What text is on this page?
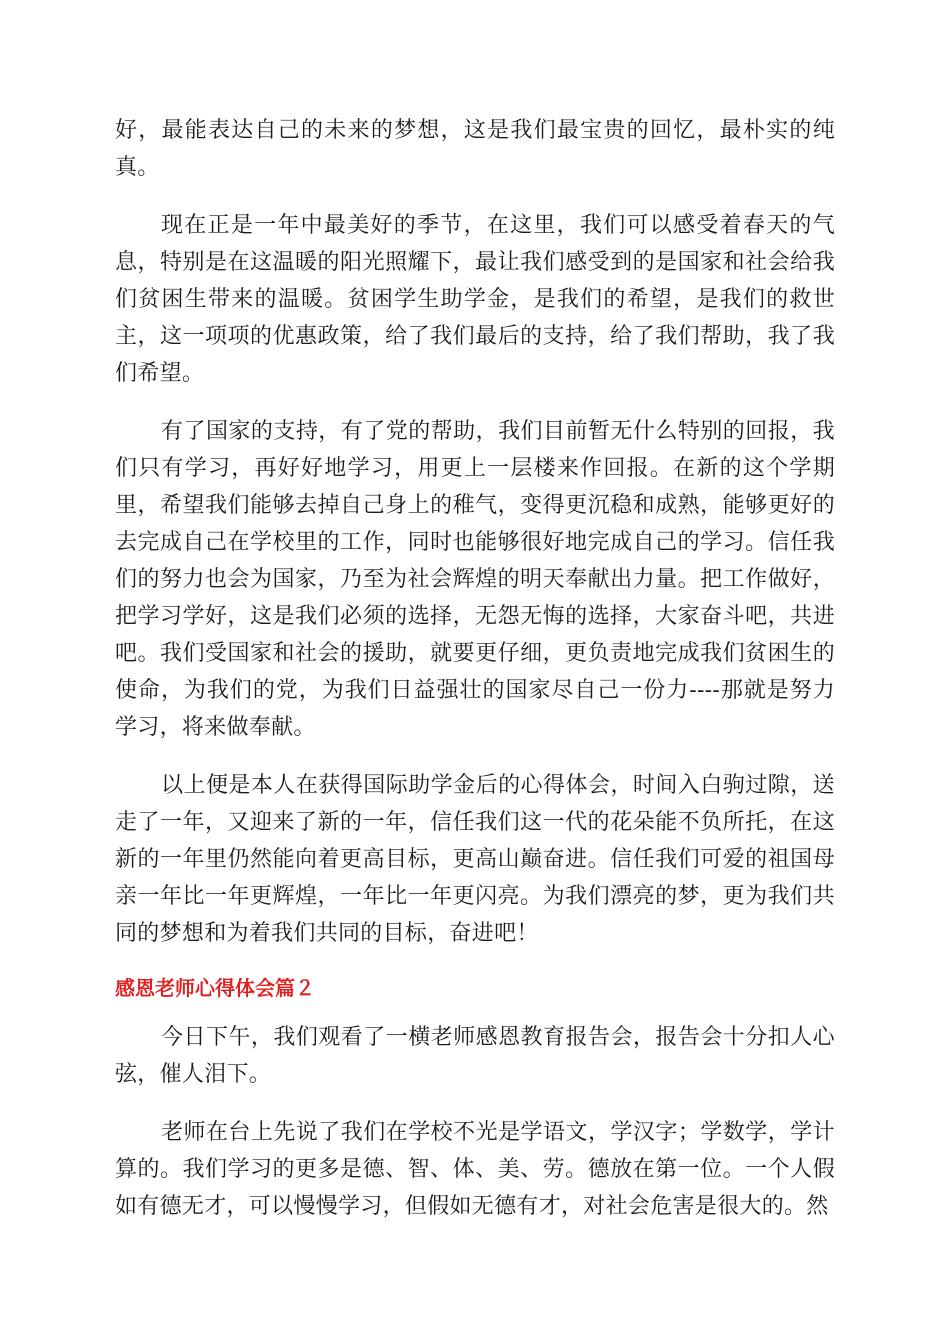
好，最能表达自己的未来的梦想，这是我们最宝贵的回忆，最朴实的纯真。

现在正是一年中最美好的季节，在这里，我们可以感受着春天的气息，特别是在这温暖的阳光照耀下，最让我们感受到的是国家和社会给我们贫困生带来的温暖。贫困学生助学金，是我们的希望，是我们的救世主，这一项项的优惠政策，给了我们最后的支持，给了我们帮助，我了我们希望。

有了国家的支持，有了党的帮助，我们目前暂无什么特别的回报，我们只有学习，再好好地学习，用更上一层楼来作回报。在新的这个学期里，希望我们能够去掉自己身上的稚气，变得更沉稳和成熟，能够更好的去完成自己在学校里的工作，同时也能够很好地完成自己的学习。信任我们的努力也会为国家，乃至为社会辉煌的明天奉献出力量。把工作做好，把学习学好，这是我们必须的选择，无怨无悔的选择，大家奋斗吧，共进吧。我们受国家和社会的援助，就要更仔细，更负责地完成我们贫困生的使命，为我们的党，为我们日益强壮的国家尽自己一份力----那就是努力学习，将来做奉献。

以上便是本人在获得国际助学金后的心得体会，时间入白驹过隙，送走了一年，又迎来了新的一年，信任我们这一代的花朵能不负所托，在这新的一年里仍然能向着更高目标，更高山巅奋进。信任我们可爱的祖国母亲一年比一年更辉煌，一年比一年更闪亮。为我们漂亮的梦，更为我们共同的梦想和为着我们共同的目标，奋进吧！

感恩老师心得体会篇２

今日下午，我们观看了一横老师感恩教育报告会，报告会十分扣人心弦，催人泪下。

老师在台上先说了我们在学校不光是学语文，学汉字；学数学，学计算的。我们学习的更多是德、智、体、美、劳。德放在第一位。一个人假如有德无才，可以慢慢学习，但假如无德有才，对社会危害是很大的。然
